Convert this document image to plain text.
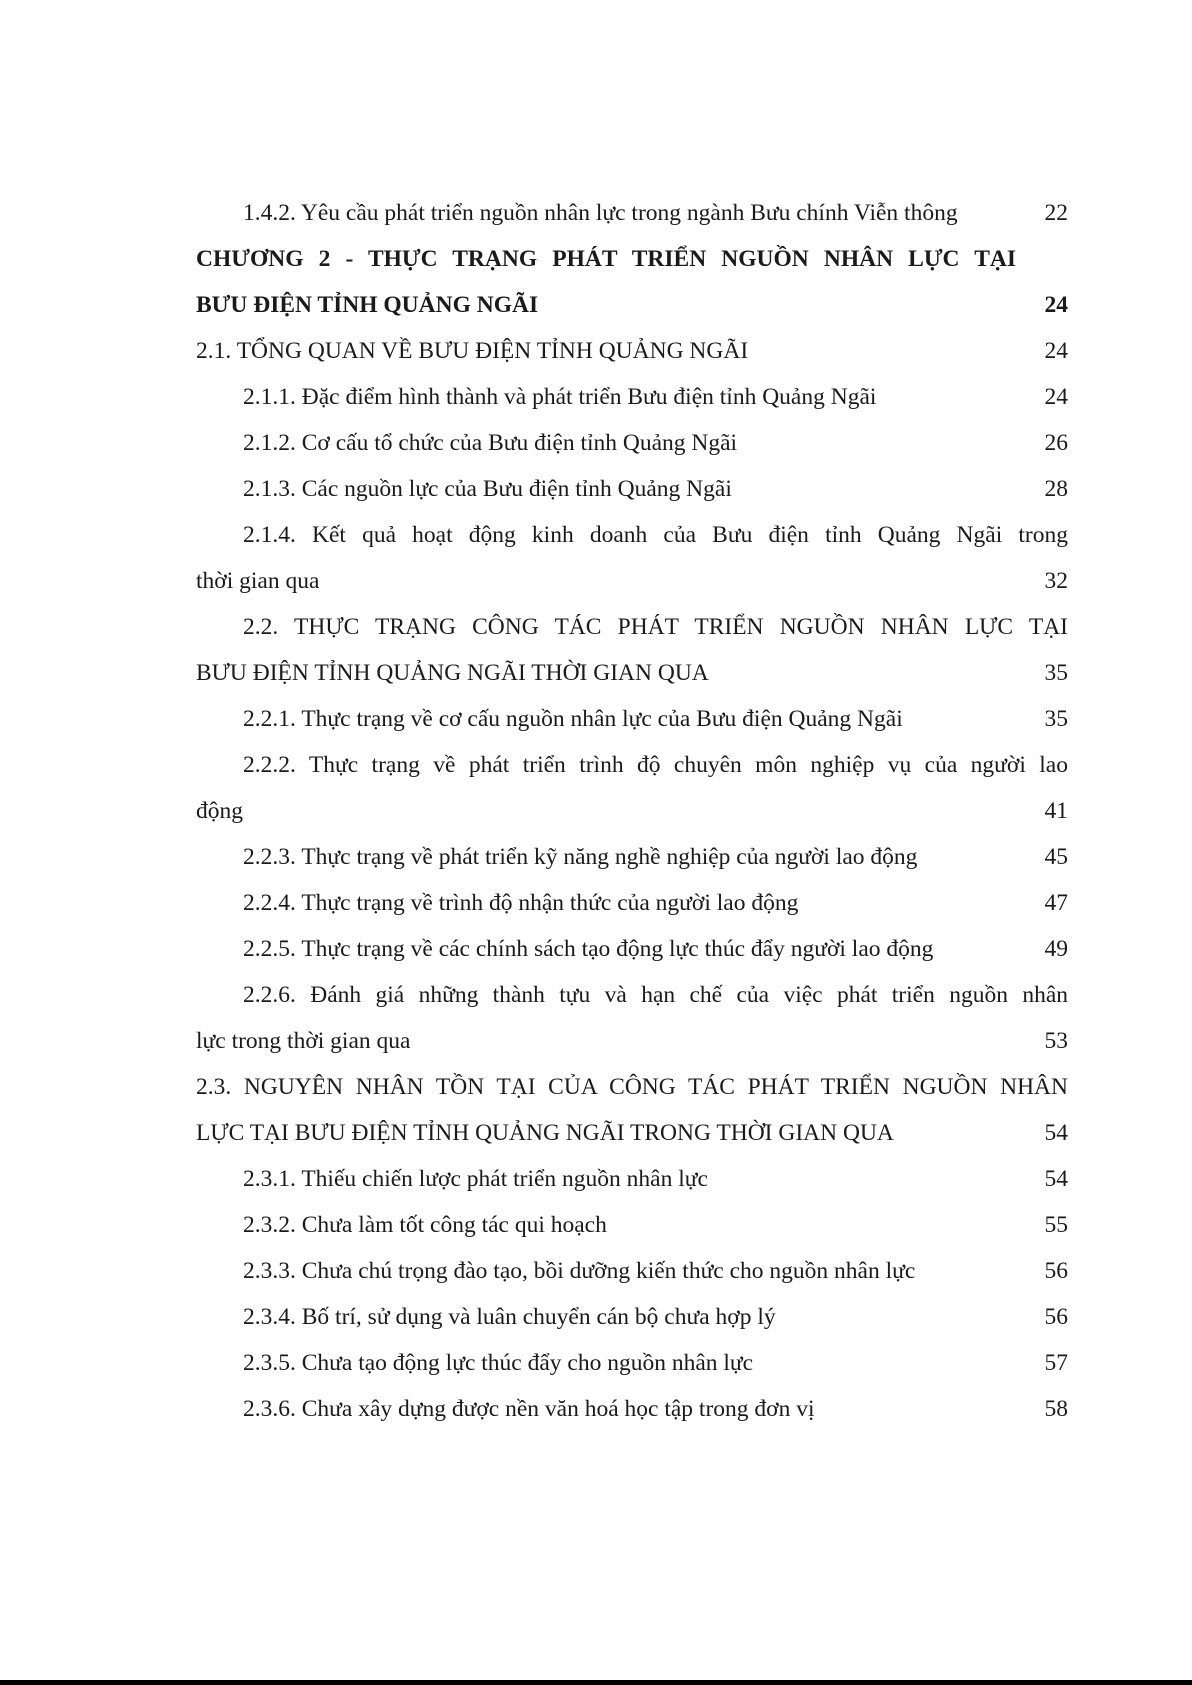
1.4.2. Yêu cầu phát triển nguồn nhân lực trong ngành Bưu chính Viễn thông	22
CHƯƠNG 2 - THỰC TRẠNG PHÁT TRIỂN NGUỒN NHÂN LỰC TẠI
BƯU ĐIỆN TỈNH QUẢNG NGÃI	24
2.1. TỔNG QUAN VỀ BƯU ĐIỆN TỈNH QUẢNG NGÃI	24
2.1.1. Đặc điểm hình thành và phát triển Bưu điện tỉnh Quảng Ngãi	24
2.1.2. Cơ cấu tổ chức của Bưu điện tỉnh Quảng Ngãi	26
2.1.3. Các nguồn lực của Bưu điện tỉnh Quảng Ngãi	28
2.1.4. Kết quả hoạt động kinh doanh của Bưu điện tỉnh Quảng Ngãi trong
thời gian qua	32
2.2. THỰC TRẠNG CÔNG TÁC PHÁT TRIỂN NGUỒN NHÂN LỰC TẠI
BƯU ĐIỆN TỈNH QUẢNG NGÃI THỜI GIAN QUA	35
2.2.1. Thực trạng về cơ cấu nguồn nhân lực của Bưu điện Quảng Ngãi	35
2.2.2. Thực trạng về phát triển trình độ chuyên môn nghiệp vụ của người lao
động	41
2.2.3. Thực trạng về phát triển kỹ năng nghề nghiệp của người lao động	45
2.2.4. Thực trạng về trình độ nhận thức của người lao động	47
2.2.5. Thực trạng về các chính sách tạo động lực thúc đẩy người lao động	49
2.2.6. Đánh giá những thành tựu và hạn chế của việc phát triển nguồn nhân
lực trong thời gian qua	53
2.3. NGUYÊN NHÂN TỒN TẠI CỦA CÔNG TÁC PHÁT TRIỂN NGUỒN NHÂN
LỰC TẠI BƯU ĐIỆN TỈNH QUẢNG NGÃI TRONG THỜI GIAN QUA	54
2.3.1. Thiếu chiến lược phát triển nguồn nhân lực	54
2.3.2. Chưa làm tốt công tác qui hoạch	55
2.3.3. Chưa chú trọng đào tạo, bồi dưỡng kiến thức cho nguồn nhân lực	56
2.3.4. Bố trí, sử dụng và luân chuyển cán bộ chưa hợp lý	56
2.3.5. Chưa tạo động lực thúc đẩy cho nguồn nhân lực	57
2.3.6. Chưa xây dựng được nền văn hoá học tập trong đơn vị	58
